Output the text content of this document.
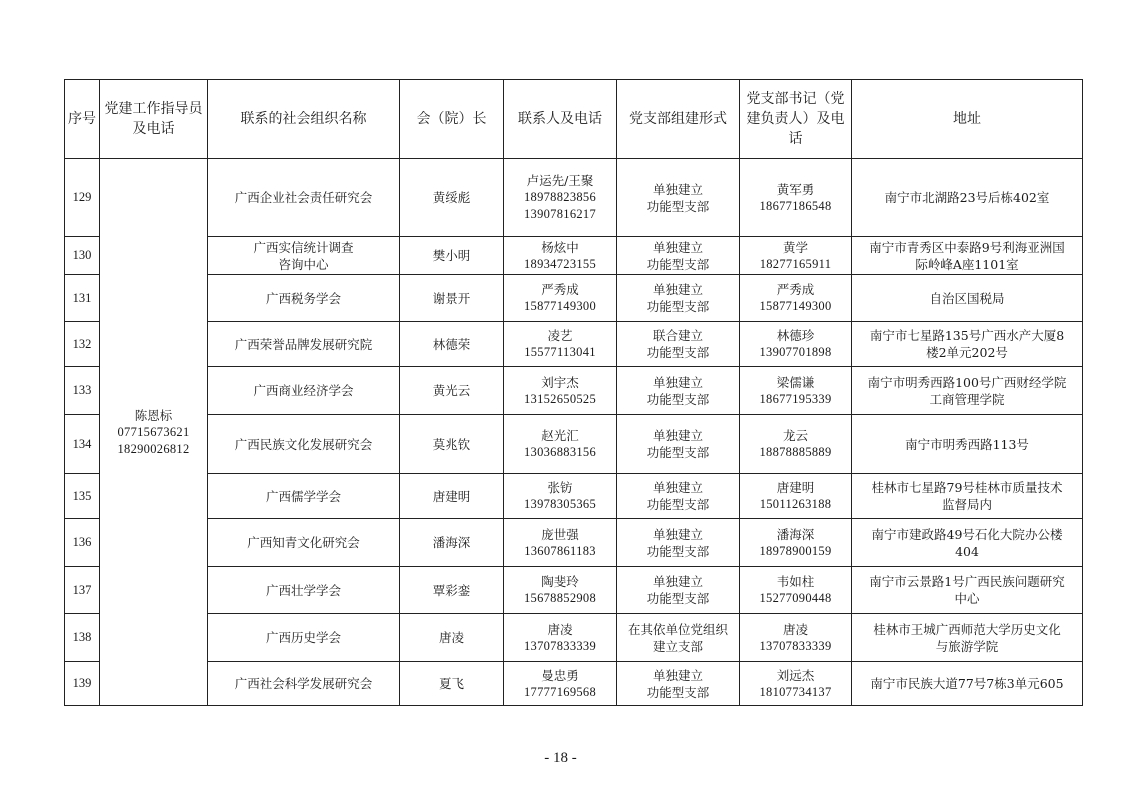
序号	党建工作指导员及电话	联系的社会组织名称	会（院）长	联系人及电话	党支部组建形式	党支部书记（党建负责人）及电话	地址
129	陈恩标
07715673621
18290026812	广西企业社会责任研究会	黄绥彪	卢运先/王聚
18978823856
13907816217	单独建立
功能型支部	黄军勇
18677186548	南宁市北湖路23号后栋402室

130		广西实信统计调查
咨询中心	樊小明	杨炫中
18934723155	单独建立
功能型支部	黄学
18277165911	南宁市青秀区中泰路9号利海亚洲国
际岭峰A座1101室

131		广西税务学会	谢景开	严秀成
15877149300	单独建立
功能型支部	严秀成
15877149300	自治区国税局

132		广西荣誉品牌发展研究院	林德荣	凌艺
15577113041	联合建立
功能型支部	林德珍
13907701898	南宁市七星路135号广西水产大厦8
楼2单元202号

133		广西商业经济学会	黄光云	刘宇杰
13152650525	单独建立
功能型支部	梁儒谦
18677195339	南宁市明秀西路100号广西财经学院
工商管理学院

134		广西民族文化发展研究会	莫兆钦	赵光汇
13036883156	单独建立
功能型支部	龙云
18878885889	南宁市明秀西路113号

135		广西儒学学会	唐建明	张钫
13978305365	单独建立
功能型支部	唐建明
15011263188	桂林市七星路79号桂林市质量技术
监督局内

136		广西知青文化研究会	潘海深	庞世强
13607861183	单独建立
功能型支部	潘海深
18978900159	南宁市建政路49号石化大院办公楼
404

137		广西壮学学会	覃彩銮	陶斐玲
15678852908	单独建立
功能型支部	韦如柱
15277090448	南宁市云景路1号广西民族问题研究
中心

138		广西历史学会	唐凌	唐凌
13707833339	在其依单位党组织
建立支部	唐凌
13707833339	桂林市王城广西师范大学历史文化
与旅游学院

139		广西社会科学发展研究会	夏飞	曼忠勇
17777169568	单独建立
功能型支部	刘远杰
18107734137	南宁市民族大道77号7栋3单元605
- 18 -
